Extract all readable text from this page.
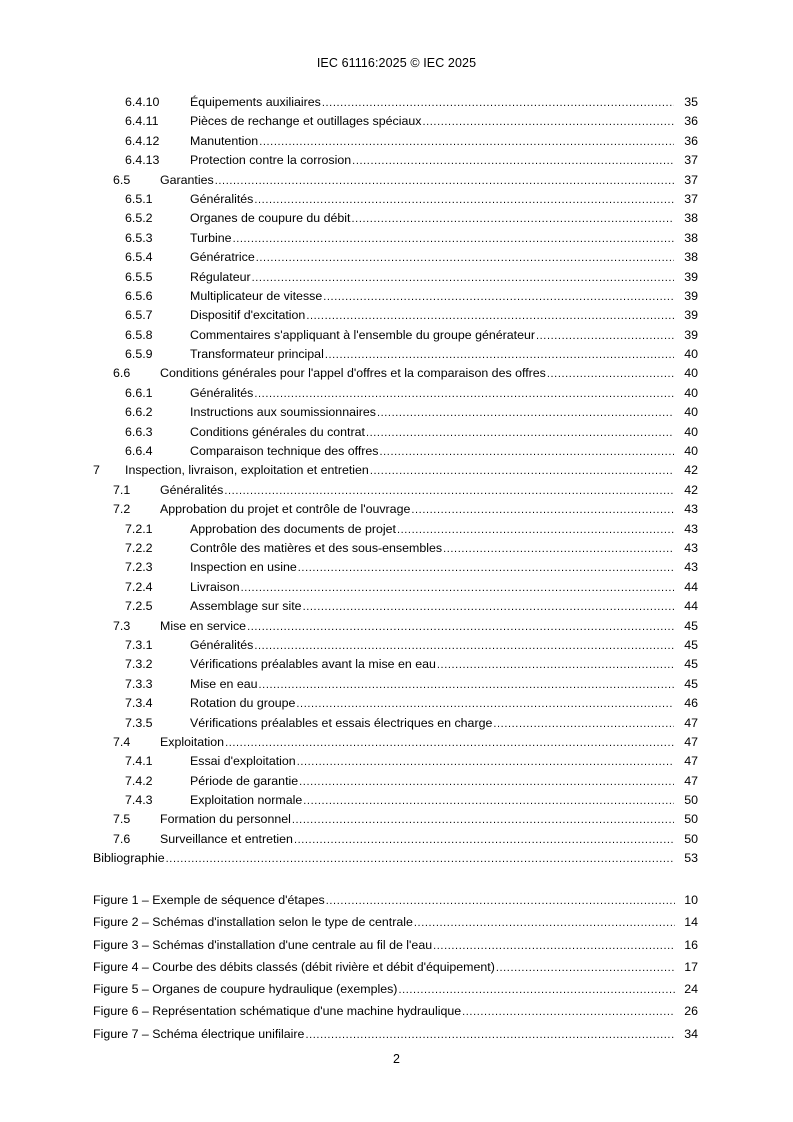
IEC 61116:2025 © IEC 2025
6.4.10 Équipements auxiliaires .....	35
6.4.11	Pièces de rechange et outillages spéciaux .....	36
6.4.12 Manutention .....	36
6.4.13 Protection contre la corrosion .....	37
6.5 Garanties .....	37
6.5.1	Généralités .....	37
6.5.2	Organes de coupure du débit .....	38
6.5.3	Turbine .....	38
6.5.4	Génératrice .....	38
6.5.5	Régulateur .....	39
6.5.6	Multiplicateur de vitesse .....	39
6.5.7	Dispositif d'excitation .....	39
6.5.8	Commentaires s'appliquant à l'ensemble du groupe générateur .....	39
6.5.9	Transformateur principal .....	40
6.6 Conditions générales pour l'appel d'offres et la comparaison des offres .....	40
6.6.1	Généralités .....	40
6.6.2	Instructions aux soumissionnaires .....	40
6.6.3	Conditions générales du contrat .....	40
6.6.4	Comparaison technique des offres .....	40
7 Inspection, livraison, exploitation et entretien .....	42
7.1 Généralités .....	42
7.2 Approbation du projet et contrôle de l'ouvrage .....	43
7.2.1	Approbation des documents de projet .....	43
7.2.2	Contrôle des matières et des sous-ensembles .....	43
7.2.3	Inspection en usine .....	43
7.2.4	Livraison .....	44
7.2.5	Assemblage sur site .....	44
7.3 Mise en service .....	45
7.3.1	Généralités .....	45
7.3.2	Vérifications préalables avant la mise en eau .....	45
7.3.3	Mise en eau .....	45
7.3.4	Rotation du groupe .....	46
7.3.5	Vérifications préalables et essais électriques en charge .....	47
7.4 Exploitation .....	47
7.4.1	Essai d'exploitation .....	47
7.4.2	Période de garantie .....	47
7.4.3	Exploitation normale .....	50
7.5 Formation du personnel .....	50
7.6 Surveillance et entretien .....	50
Bibliographie .....	53
Figure 1 – Exemple de séquence d'étapes .....	10
Figure 2 – Schémas d'installation selon le type de centrale .....	14
Figure 3 – Schémas d'installation d'une centrale au fil de l'eau .....	16
Figure 4 – Courbe des débits classés (débit rivière et débit d'équipement) .....	17
Figure 5 – Organes de coupure hydraulique (exemples) .....	24
Figure 6 – Représentation schématique d'une machine hydraulique .....	26
Figure 7 – Schéma électrique unifilaire .....	34
2
